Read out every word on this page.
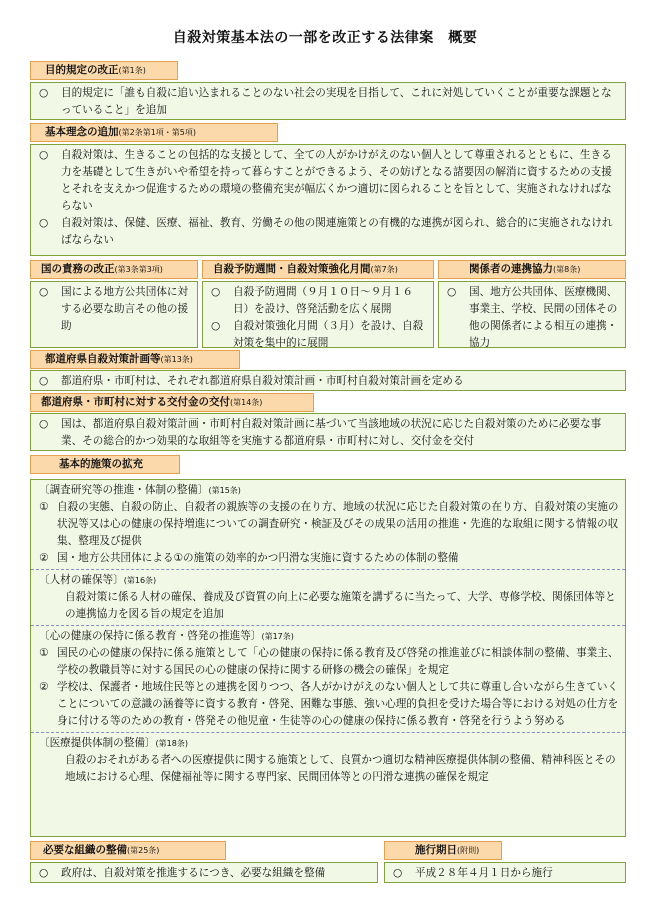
自殺対策基本法の一部を改正する法律案　概要
目的規定の改正(第1条)
○	目的規定に「誰も自殺に追い込まれることのない社会の実現を目指して、これに対処していくことが重要な課題となっていること」を追加
基本理念の追加(第2条第1項・第5項)
○	自殺対策は、生きることの包括的な支援として、全ての人がかけがえのない個人として尊重されるとともに、生きる力を基礎として生きがいや希望を持って暮らすことができるよう、その妨げとなる諸要因の解消に資するための支援とそれを支えかつ促進するための環境の整備充実が幅広くかつ適切に図られることを旨として、実施されなければならない
○	自殺対策は、保健、医療、福祉、教育、労働その他の関連施策との有機的な連携が図られ、総合的に実施されなければならない
国の責務の改正(第3条第3項)	自殺予防週間・自殺対策強化月間(第7条)	関係者の連携協力(第8条)
○	国による地方公共団体に対する必要な助言その他の援助
○	自殺予防週間（９月１０日～９月１６日）を設け、啓発活動を広く展開
○	自殺対策強化月間（３月）を設け、自殺対策を集中的に展開
○	国、地方公共団体、医療機関、事業主、学校、民間の団体その他の関係者による相互の連携・協力
都道府県自殺対策計画等(第13条)
○	都道府県・市町村は、それぞれ都道府県自殺対策計画・市町村自殺対策計画を定める
都道府県・市町村に対する交付金の交付(第14条)
○	国は、都道府県自殺対策計画・市町村自殺対策計画に基づいて当該地域の状況に応じた自殺対策のために必要な事業、その総合的かつ効果的な取組等を実施する都道府県・市町村に対し、交付金を交付
基本的施策の拡充
〔調査研究等の推進・体制の整備〕(第15条)
① 自殺の実態、自殺の防止、自殺者の親族等の支援の在り方、地域の状況に応じた自殺対策の在り方、自殺対策の実施の状況等又は心の健康の保持増進についての調査研究・検証及びその成果の活用の推進・先進的な取組に関する情報の収集、整理及び提供
② 国・地方公共団体による①の施策の効率的かつ円滑な実施に資するための体制の整備
〔人材の確保等〕(第16条)
自殺対策に係る人材の確保、養成及び資質の向上に必要な施策を講ずるに当たって、大学、専修学校、関係団体等との連携協力を図る旨の規定を追加
〔心の健康の保持に係る教育・啓発の推進等〕(第17条)
① 国民の心の健康の保持に係る施策として「心の健康の保持に係る教育及び啓発の推進並びに相談体制の整備、事業主、学校の教職員等に対する国民の心の健康の保持に関する研修の機会の確保」を規定
② 学校は、保護者・地域住民等との連携を図りつつ、各人がかけがえのない個人として共に尊重し合いながら生きていくことについての意識の涵養等に資する教育・啓発、困難な事態、強い心理的負担を受けた場合等における対処の仕方を身に付ける等のための教育・啓発その他児童・生徒等の心の健康の保持に係る教育・啓発を行うよう努める
〔医療提供体制の整備〕(第18条)
自殺のおそれがある者への医療提供に関する施策として、良質かつ適切な精神医療提供体制の整備、精神科医とその地域における心理、保健福祉等に関する専門家、民間団体等との円滑な連携の確保を規定
必要な組織の整備(第25条)
○	政府は、自殺対策を推進するにつき、必要な組織を整備
施行期日(附則)
○	平成２８年４月１日から施行
